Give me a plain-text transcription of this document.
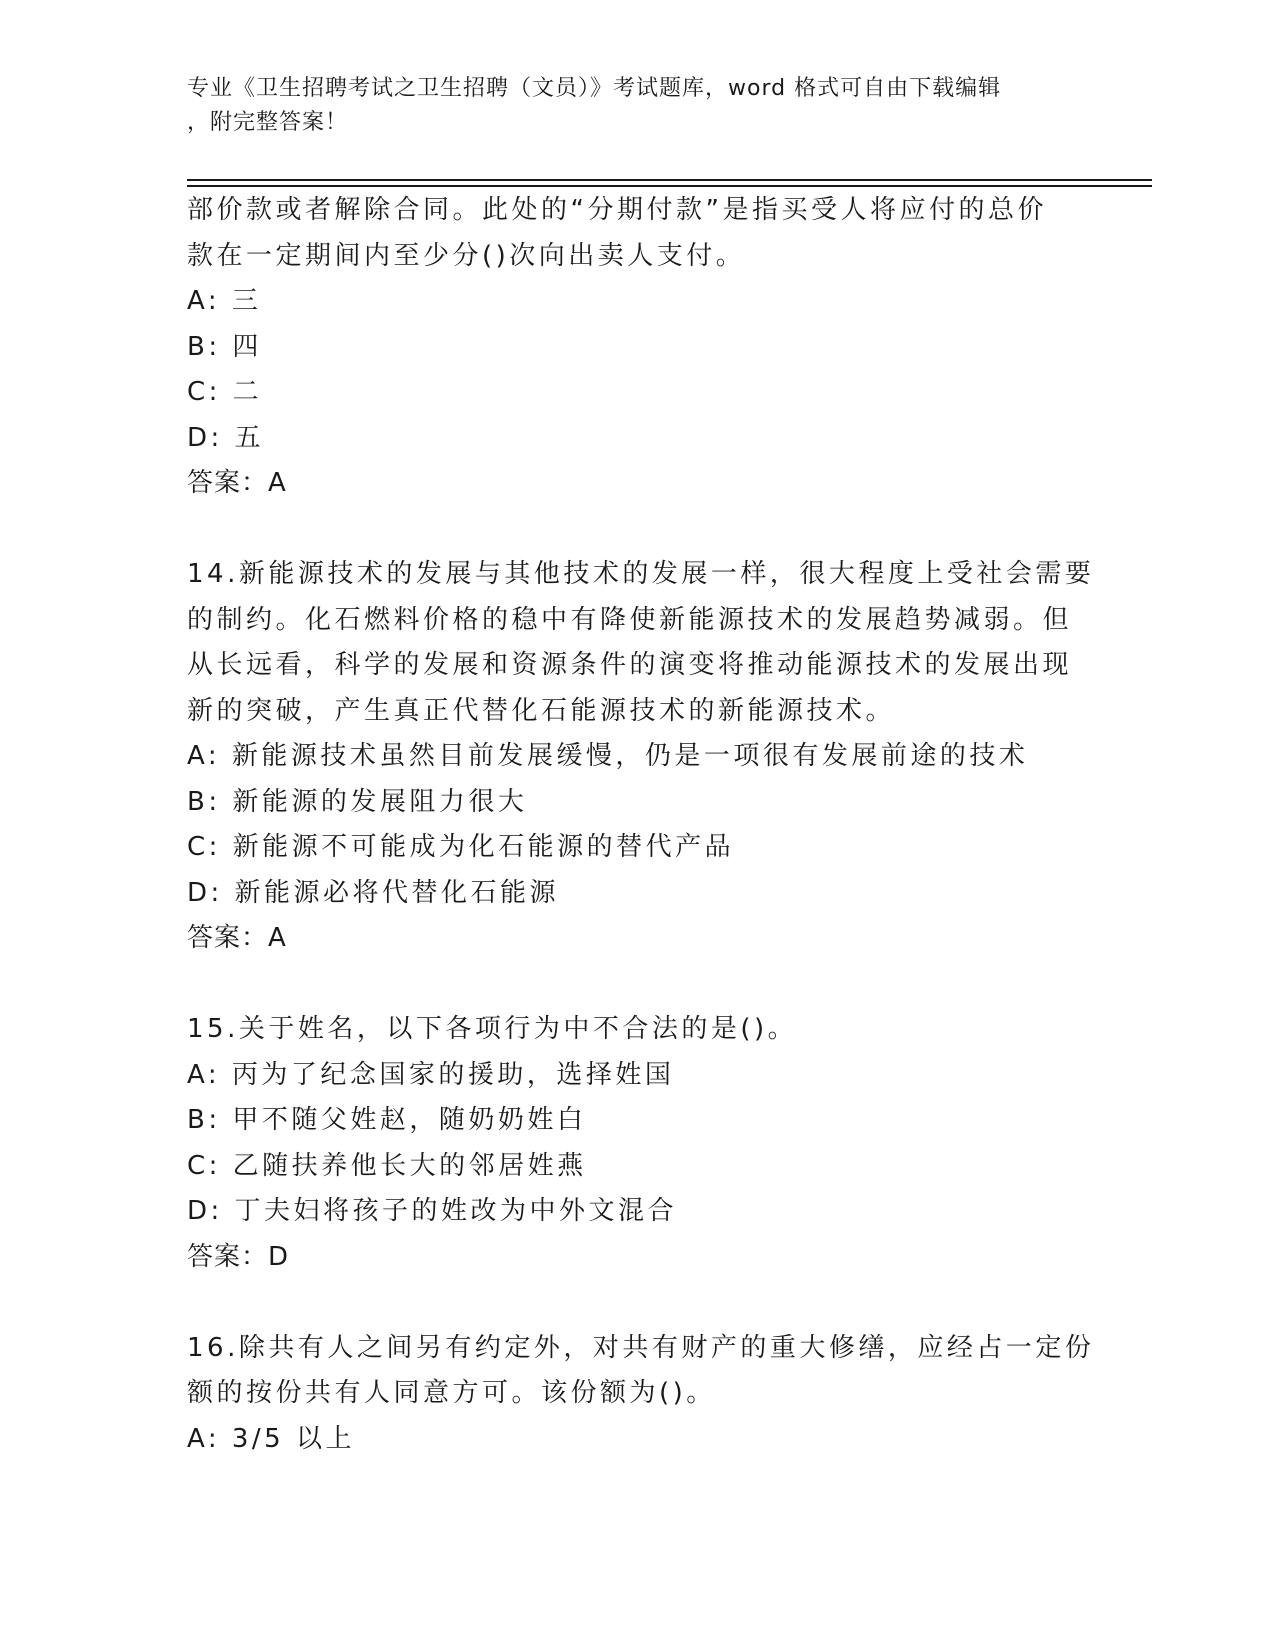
专业《卫生招聘考试之卫生招聘（文员）》考试题库，word 格式可自由下载编辑
，附完整答案！
部价款或者解除合同。此处的“分期付款”是指买受人将应付的总价
款在一定期间内至少分()次向出卖人支付。
A: 三
B: 四
C: 二
D: 五
答案：A
14.新能源技术的发展与其他技术的发展一样，很大程度上受社会需要
的制约。化石燃料价格的稳中有降使新能源技术的发展趋势减弱。但
从长远看，科学的发展和资源条件的演变将推动能源技术的发展出现
新的突破，产生真正代替化石能源技术的新能源技术。
A: 新能源技术虽然目前发展缓慢，仍是一项很有发展前途的技术
B: 新能源的发展阻力很大
C: 新能源不可能成为化石能源的替代产品
D: 新能源必将代替化石能源
答案：A
15.关于姓名，以下各项行为中不合法的是()。
A: 丙为了纪念国家的援助，选择姓国
B: 甲不随父姓赵，随奶奶姓白
C: 乙随扶养他长大的邻居姓燕
D: 丁夫妇将孩子的姓改为中外文混合
答案：D
16.除共有人之间另有约定外，对共有财产的重大修缮，应经占一定份
额的按份共有人同意方可。该份额为()。
A: 3/5 以上
